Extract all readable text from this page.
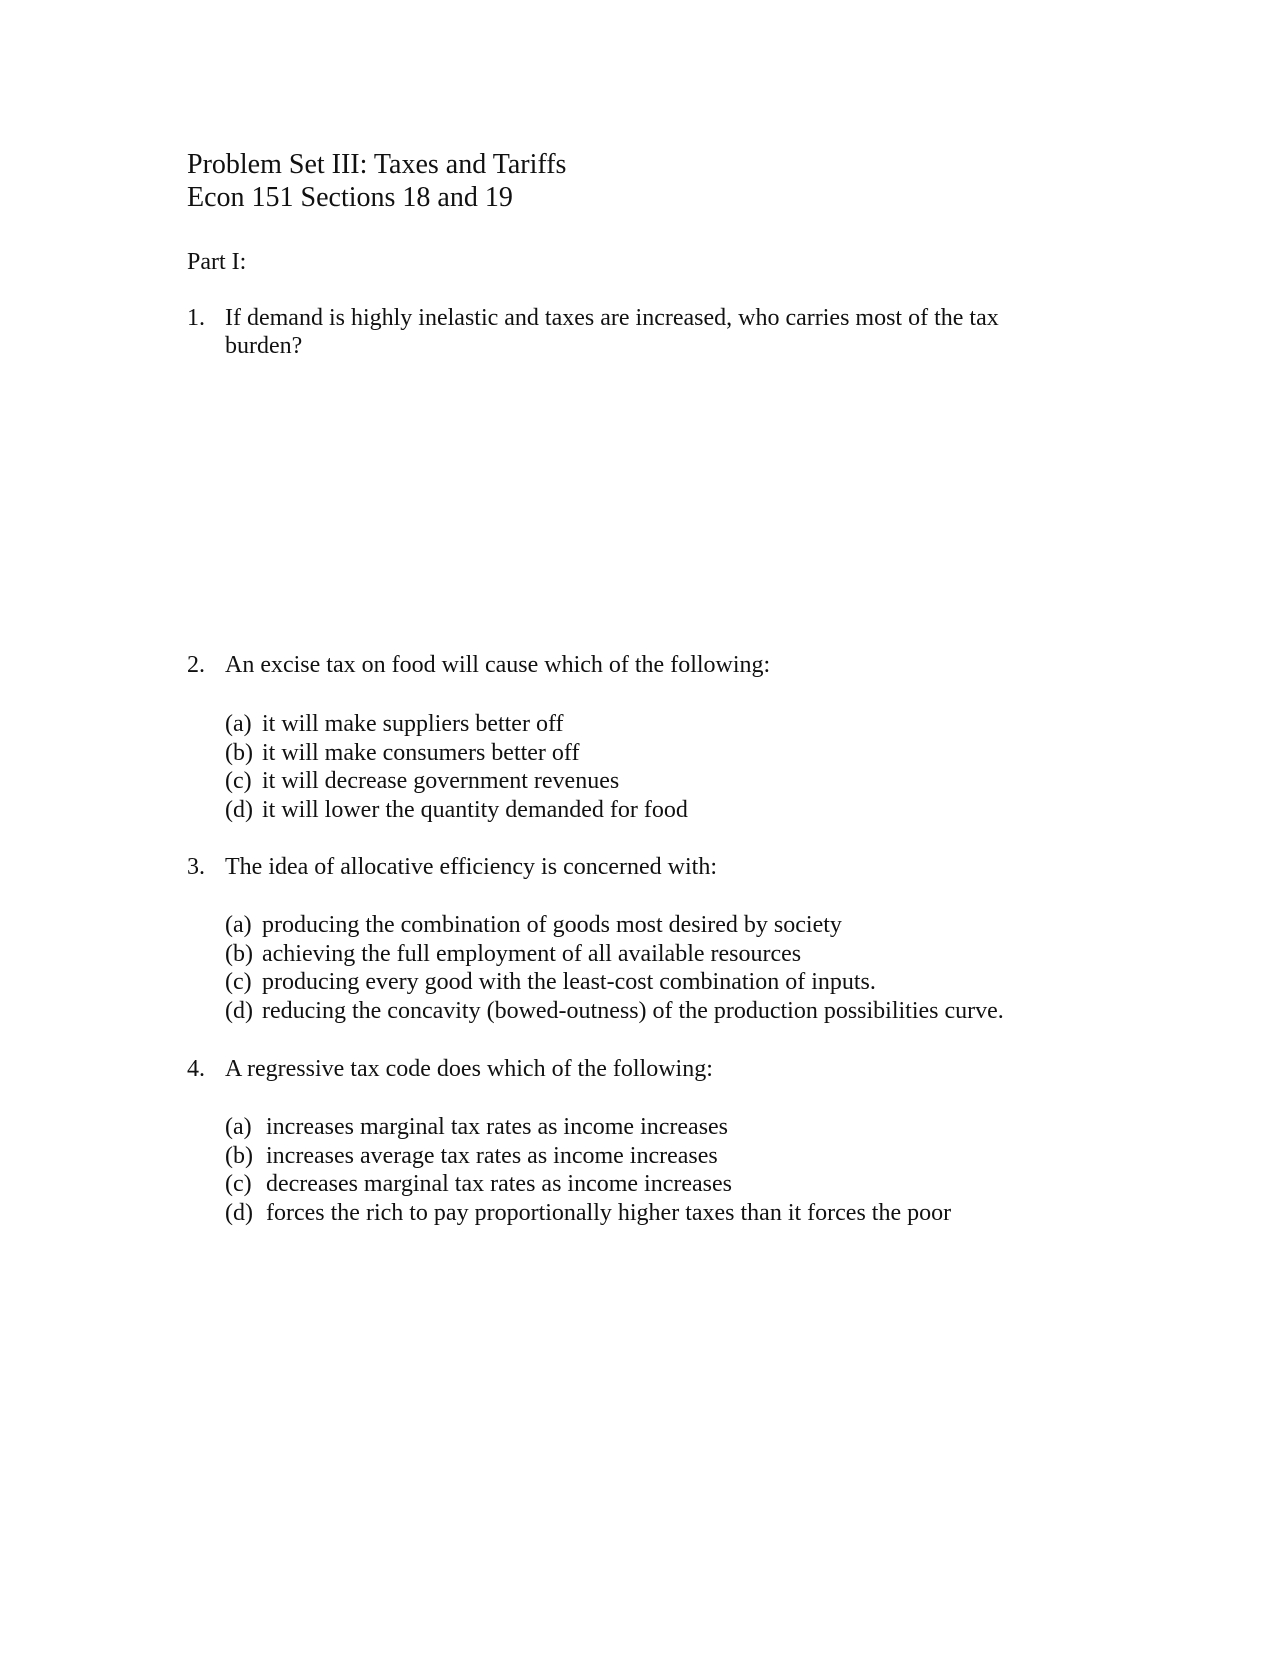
Problem Set III: Taxes and Tariffs
Econ 151 Sections 18 and 19
Part I:
1. If demand is highly inelastic and taxes are increased, who carries most of the tax burden?
2. An excise tax on food will cause which of the following:
(a) it will make suppliers better off
(b) it will make consumers better off
(c) it will decrease government revenues
(d) it will lower the quantity demanded for food
3. The idea of allocative efficiency is concerned with:
(a) producing the combination of goods most desired by society
(b) achieving the full employment of all available resources
(c) producing every good with the least-cost combination of inputs.
(d) reducing the concavity (bowed-outness) of the production possibilities curve.
4. A regressive tax code does which of the following:
(a) increases marginal tax rates as income increases
(b) increases average tax rates as income increases
(c) decreases marginal tax rates as income increases
(d) forces the rich to pay proportionally higher taxes than it forces the poor
